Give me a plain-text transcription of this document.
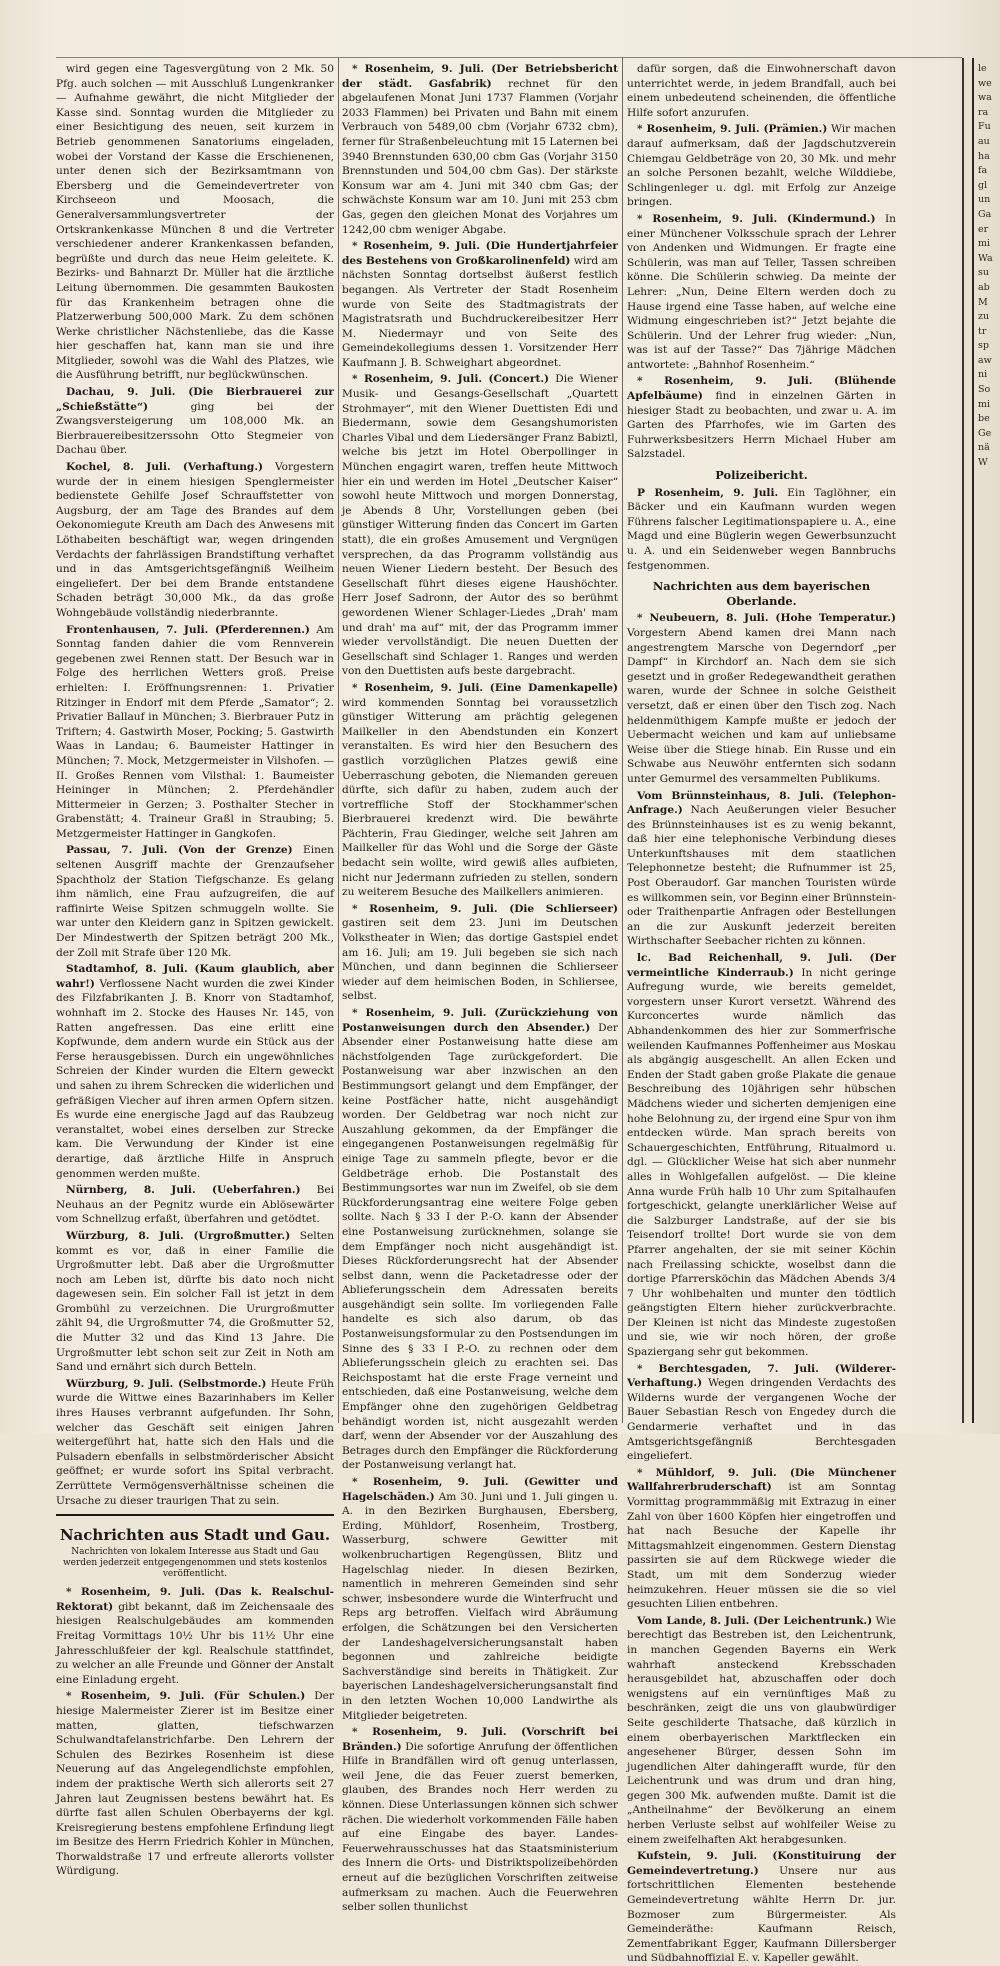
wird gegen eine Tagesvergütung von 2 Mk. 50 Pfg. auch solchen — mit Ausschluß Lungenkranker — Aufnahme gewährt, die nicht Mitglieder der Kasse sind. Sonntag wurden die Mitglieder zu einer Besichtigung des neuen, seit kurzem in Betrieb genommenen Sanatoriums eingeladen, wobei der Vorstand der Kasse die Erschienenen, unter denen sich der Bezirksamtmann von Ebersberg und die Gemeindevertreter von Kirchseeon und Moosach, die Generalversammlungsvertreter der Ortskrankenkasse München 8 und die Vertreter verschiedener anderer Krankenkassen befanden, begrüßte und durch das neue Heim geleitete. K. Bezirks- und Bahnarzt Dr. Müller hat die ärztliche Leitung übernommen. Die gesammten Baukosten für das Krankenheim betragen ohne die Platzerwerbung 500,000 Mark. Zu dem schönen Werke christlicher Nächstenliebe, das die Kasse hier geschaffen hat, kann man sie und ihre Mitglieder, sowohl was die Wahl des Platzes, wie die Ausführung betrifft, nur beglückwünschen.

Dachau, 9. Juli. (Die Bierbrauerei zur „Schießstätte“)	ging bei der Zwangsversteigerung um 108,000 Mk. an Bierbrauereibesitzerssohn Otto Stegmeier von Dachau über.

Kochel, 8. Juli. (Verhaftung.) Vorgestern wurde der in einem hiesigen Spenglermeister bedienstete Gehilfe Josef Schrauffstetter von Augsburg, der am Tage des Brandes auf dem Oekonomiegute Kreuth am Dach des Anwesens mit Löthabeiten beschäftigt war, wegen dringenden Verdachts der fahrlässigen Brandstiftung verhaftet und in das Amtsgerichtsgefängniß Weilheim eingeliefert. Der bei dem Brande entstandene Schaden beträgt 30,000 Mk., da das große Wohngebäude vollständig niederbrannte.

Frontenhausen, 7. Juli. (Pferderennen.) Am Sonntag fanden dahier die vom Rennverein gegebenen zwei Rennen statt. Der Besuch war in Folge des herrlichen Wetters groß. Preise erhielten: I. Eröffnungsrennen: 1. Privatier Ritzinger in Endorf mit dem Pferde „Samator“; 2. Privatier Ballauf in München; 3. Bierbrauer Putz in Triftern; 4. Gastwirth Moser, Pocking; 5. Gastwirth Waas in Landau; 6. Baumeister Hattinger in München; 7. Mock, Metzgermeister in Vilshofen. — II. Großes Rennen vom Vilsthal: 1. Baumeister Heininger in München; 2. Pferdehändler Mittermeier in Gerzen; 3. Posthalter Stecher in Grabenstätt; 4. Traineur Graßl in Straubing; 5. Metzgermeister Hattinger in Gangkofen.

Passau, 7. Juli. (Von der Grenze) Einen seltenen Ausgriff machte der Grenzaufseher Spachtholz der Station Tiefgschanze. Es gelang ihm nämlich, eine Frau aufzugreifen, die auf raffinirte Weise Spitzen schmuggeln wollte. Sie war unter den Kleidern ganz in Spitzen gewickelt. Der Mindestwerth der Spitzen beträgt 200 Mk., der Zoll mit Strafe über 120 Mk.

Stadtamhof, 8. Juli. (Kaum glaublich, aber wahr!) Verflossene Nacht wurden die zwei Kinder des Filzfabrikanten J. B. Knorr von Stadtamhof, wohnhaft im 2. Stocke des Hauses Nr. 145, von Ratten angefressen. Das eine erlitt eine Kopfwunde, dem andern wurde ein Stück aus der Ferse herausgebissen. Durch ein ungewöhnliches Schreien der Kinder wurden die Eltern geweckt und sahen zu ihrem Schrecken die widerlichen und gefräßigen Viecher auf ihren armen Opfern sitzen. Es wurde eine energische Jagd auf das Raubzeug veranstaltet, wobei eines derselben zur Strecke kam. Die Verwundung der Kinder ist eine derartige, daß ärztliche Hilfe in Anspruch genommen werden mußte.

Nürnberg, 8. Juli. (Ueberfahren.) Bei Neuhaus an der Pegnitz wurde ein Ablösewärter vom Schnellzug erfaßt, überfahren und getödtet.

Würzburg, 8. Juli. (Urgroßmutter.) Selten kommt es vor, daß in einer Familie die Urgroßmutter lebt. Daß aber die Urgroßmutter noch am Leben ist, dürfte bis dato noch nicht dagewesen sein. Ein solcher Fall ist jetzt in dem Grombühl zu verzeichnen. Die Ururgroßmutter zählt 94, die Urgroßmutter 74, die Großmutter 52, die Mutter 32 und das Kind 13 Jahre. Die Urgroßmutter lebt schon seit zur Zeit in Noth am Sand und ernährt sich durch Betteln.

Würzburg, 9. Juli. (Selbstmorde.) Heute Früh wurde die Wittwe eines Bazarinhabers im Keller ihres Hauses verbrannt aufgefunden. Ihr Sohn, welcher das Geschäft seit einigen Jahren weitergeführt hat, hatte sich den Hals und die Pulsadern ebenfalls in selbstmörderischer Absicht geöffnet; er wurde sofort ins Spital verbracht. Zerrüttete Vermögensverhältnisse scheinen die Ursache zu dieser traurigen That zu sein.

Nachrichten aus Stadt und Gau.
Nachrichten von lokalem Interesse aus Stadt und Gau werden jederzeit entgegengenommen und stets kostenlos veröffentlicht.

* Rosenheim, 9. Juli. (Das k. Realschul-Rektorat) gibt bekannt, daß im Zeichensaale des hiesigen Realschulgebäudes am kommenden Freitag Vormittags 10½ Uhr bis 11½ Uhr eine Jahresschlußfeier der kgl. Realschule stattfindet, zu welcher an alle Freunde und Gönner der Anstalt eine Einladung ergeht.

* Rosenheim, 9. Juli. (Für Schulen.) Der hiesige Malermeister Zierer ist im Besitze einer matten, glatten, tiefschwarzen Schulwandtafelanstrichfarbe. Den Lehrern der Schulen des Bezirkes Rosenheim ist diese Neuerung auf das Angelegendlichste empfohlen, indem der praktische Werth sich allerorts seit 27 Jahren laut Zeugnissen bestens bewährt hat. Es dürfte fast allen Schulen Oberbayerns der kgl. Kreisregierung bestens empfohlene Erfindung liegt im Besitze des Herrn Friedrich Kohler in München, Thorwaldstraße 17 und erfreute allerorts vollster Würdigung.

* Rosenheim, 9. Juli. (Der Betriebsbericht der städt. Gasfabrik) rechnet für den abgelaufenen Monat Juni 1737 Flammen (Vorjahr 2033 Flammen) bei Privaten und Bahn mit einem Verbrauch von 5489,00 cbm (Vorjahr 6732 cbm), ferner für Straßenbeleuchtung mit 15 Laternen bei 3940 Brennstunden 630,00 cbm Gas (Vorjahr 3150 Brennstunden und 504,00 cbm Gas). Der stärkste Konsum war am 4. Juni mit 340 cbm Gas; der schwächste Konsum war am 10. Juni mit 253 cbm Gas, gegen den gleichen Monat des Vorjahres um 1242,00 cbm weniger Abgabe.

* Rosenheim, 9. Juli. (Die Hundertjahrfeier des Bestehens von Großkarolinenfeld) wird am nächsten Sonntag dortselbst äußerst festlich begangen. Als Vertreter der Stadt Rosenheim wurde von Seite des Stadtmagistrats der Magistratsrath und Buchdruckereibesitzer Herr M. Niedermayr und von Seite des Gemeindekollegiums dessen 1. Vorsitzender Herr Kaufmann J. B. Schweighart abgeordnet.

* Rosenheim, 9. Juli. (Concert.) Die Wiener Musik- und Gesangs-Gesellschaft „Quartett Strohmayer“, mit den Wiener Duettisten Edi und Biedermann, sowie dem Gesangshumoristen Charles Vibal und dem Liedersänger Franz Babiztl, welche bis jetzt im Hotel Oberpollinger in München engagirt waren, treffen heute Mittwoch hier ein und werden im Hotel „Deutscher Kaiser“ sowohl heute Mittwoch und morgen Donnerstag, je Abends 8 Uhr, Vorstellungen geben (bei günstiger Witterung finden das Concert im Garten statt), die ein großes Amusement und Vergnügen versprechen, da das Programm vollständig aus neuen Wiener Liedern besteht. Der Besuch des Gesellschaft führt dieses eigene Haushöchter. Herr Josef Sadronn, der Autor des so berühmt gewordenen Wiener Schlager-Liedes „Drah' mam und drah' ma auf“ mit, der das Programm immer wieder vervollständigt. Die neuen Duetten der Gesellschaft sind Schlager 1. Ranges und werden von den Duettisten aufs beste dargebracht.

* Rosenheim, 9. Juli. (Eine Damenkapelle) wird kommenden Sonntag bei voraussetzlich günstiger Witterung am prächtig gelegenen Mailkeller in den Abendstunden ein Konzert veranstalten. Es wird hier den Besuchern des gastlich vorzüglichen Platzes gewiß eine Ueberraschung geboten, die Niemanden gereuen dürfte, sich dafür zu haben, zudem auch der vortreffliche Stoff der Stockhammer'schen Bierbrauerei kredenzt wird. Die bewährte Pächterin, Frau Giedinger, welche seit Jahren am Mailkeller für das Wohl und die Sorge der Gäste bedacht sein wollte, wird gewiß alles aufbieten, nicht nur Jedermann zufrieden zu stellen, sondern zu weiterem Besuche des Mailkellers animieren.

* Rosenheim, 9. Juli. (Die Schlierseer) gastiren seit dem 23. Juni im Deutschen Volkstheater in Wien; das dortige Gastspiel endet am 16. Juli; am 19. Juli begeben sie sich nach München, und dann beginnen die Schlierseer wieder auf dem heimischen Boden, in Schliersee, selbst.

* Rosenheim, 9. Juli. (Zurückziehung von Postanweisungen durch den Absender.) Der Absender einer Postanweisung hatte diese am nächstfolgenden Tage zurückgefordert. Die Postanweisung war aber inzwischen an den Bestimmungsort gelangt und dem Empfänger, der keine Postfächer hatte, nicht ausgehändigt worden. Der Geldbetrag war noch nicht zur Auszahlung gekommen, da der Empfänger die eingegangenen Postanweisungen regelmäßig für einige Tage zu sammeln pflegte, bevor er die Geldbeträge erhob. Die Postanstalt des Bestimmungsortes war nun im Zweifel, ob sie dem Rückforderungsantrag eine weitere Folge geben sollte. Nach § 33 I der P.-O. kann der Absender eine Postanweisung zurücknehmen, solange sie dem Empfänger noch nicht ausgehändigt ist. Dieses Rückforderungsrecht hat der Absender selbst dann, wenn die Packetadresse oder der Ablieferungsschein dem Adressaten bereits ausgehändigt sein sollte. Im vorliegenden Falle handelte es sich also darum, ob das Postanweisungsformular zu den Postsendungen im Sinne des § 33 I P.-O. zu rechnen oder dem Ablieferungsschein gleich zu erachten sei. Das Reichspostamt hat die erste Frage verneint und entschieden, daß eine Postanweisung, welche dem Empfänger ohne den zugehörigen Geldbetrag behändigt worden ist, nicht ausgezahlt werden darf, wenn der Absender vor der Auszahlung des Betrages durch den Empfänger die Rückforderung der Postanweisung verlangt hat.

* Rosenheim, 9. Juli. (Gewitter und Hagelschäden.) Am 30. Juni und 1. Juli gingen u. A. in den Bezirken Burghausen, Ebersberg, Erding, Mühldorf, Rosenheim, Trostberg, Wasserburg, schwere Gewitter mit wolkenbruchartigen Regengüssen, Blitz und Hagelschlag nieder. In diesen Bezirken, namentlich in mehreren Gemeinden sind sehr schwer, insbesondere wurde die Winterfrucht und Reps arg betroffen. Vielfach wird Abräumung erfolgen, die Schätzungen bei den Versicherten der Landeshagelversicherungsanstalt haben begonnen und zahlreiche beidigte Sachverständige sind bereits in Thätigkeit. Zur bayerischen Landeshagelversicherungsanstalt find in den letzten Wochen 10,000 Landwirthe als Mitglieder beigetreten.

* Rosenheim, 9. Juli. (Vorschrift bei Bränden.) Die sofortige Anrufung der öffentlichen Hilfe in Brandfällen wird oft genug unterlassen, weil Jene, die das Feuer zuerst bemerken, glauben, des Brandes noch Herr werden zu können. Diese Unterlassungen können sich schwer rächen. Die wiederholt vorkommenden Fälle haben auf eine Eingabe des bayer. Landes-Feuerwehrausschusses hat das Staatsministerium des Innern die Orts- und Distriktspolizeibehörden erneut auf die bezüglichen Vorschriften zeitweise aufmerksam zu machen. Auch die Feuerwehren selber sollen thunlichst

dafür sorgen, daß die Einwohnerschaft davon unterrichtet werde, in jedem Brandfall, auch bei einem unbedeutend scheinenden, die öffentliche Hilfe sofort anzurufen.

* Rosenheim, 9. Juli. (Prämien.) Wir machen darauf aufmerksam, daß der Jagdschutzverein Chiemgau Geldbeträge von 20, 30 Mk. und mehr an solche Personen bezahlt, welche Wilddiebe, Schlingenleger u. dgl. mit Erfolg zur Anzeige bringen.

* Rosenheim, 9. Juli. (Kindermund.) In einer Münchener Volksschule sprach der Lehrer von Andenken und Widmungen. Er fragte eine Schülerin, was man auf Teller, Tassen schreiben könne. Die Schülerin schwieg. Da meinte der Lehrer: „Nun, Deine Eltern werden doch zu Hause irgend eine Tasse haben, auf welche eine Widmung eingeschrieben ist?“ Jetzt bejahte die Schülerin. Und der Lehrer frug wieder: „Nun, was ist auf der Tasse?“ Das 7jährige Mädchen antwortete: „Bahnhof Rosenheim.“

* Rosenheim, 9. Juli. (Blühende Apfelbäume) find in einzelnen Gärten in hiesiger Stadt zu beobachten, und zwar u. A. im Garten des Pfarrhofes, wie im Garten des Fuhrwerksbesitzers Herrn Michael Huber am Salzstadel.

Polizeibericht.

P Rosenheim, 9. Juli. Ein Taglöhner, ein Bäcker und ein Kaufmann wurden wegen Führens falscher Legitimationspapiere u. A., eine Magd und eine Büglerin wegen Gewerbsunzucht u. A. und ein Seidenweber wegen Bannbruchs festgenommen.

Nachrichten aus dem bayerischen Oberlande.

* Neubeuern, 8. Juli. (Hohe Temperatur.) Vorgestern Abend kamen drei Mann nach angestrengtem Marsche von Degerndorf „per Dampf“ in Kirchdorf an. Nach dem sie sich gesetzt und in großer Redegewandtheit gerathen waren, wurde der Schnee in solche Geistheit versetzt, daß er einen über den Tisch zog. Nach heldenmüthigem Kampfe mußte er jedoch der Uebermacht weichen und kam auf unliebsame Weise über die Stiege hinab. Ein Russe und ein Schwabe aus Neuwöhr entfernten sich sodann unter Gemurmel des versammelten Publikums.

Vom Brünnsteinhaus, 8. Juli. (Telephon-Anfrage.) Nach Aeußerungen vieler Besucher des Brünnsteinhauses ist es zu wenig bekannt, daß hier eine telephonische Verbindung dieses Unterkunftshauses mit dem staatlichen Telephonnetze besteht; die Rufnummer ist 25, Post Oberaudorf. Gar manchen Touristen würde es willkommen sein, vor Beginn einer Brünnstein- oder Traithenpartie Anfragen oder Bestellungen an die zur Auskunft jederzeit bereiten Wirthschafter Seebacher richten zu können.

lc. Bad Reichenhall, 9. Juli. (Der vermeintliche Kinderraub.) In nicht geringe Aufregung wurde, wie bereits gemeldet, vorgestern unser Kurort versetzt. Während des Kurconcertes wurde nämlich das Abhandenkommen des hier zur Sommerfrische weilenden Kaufmannes Poffenheimer aus Moskau als abgängig ausgeschellt. An allen Ecken und Enden der Stadt gaben große Plakate die genaue Beschreibung des 10jährigen sehr hübschen Mädchens wieder und sicherten demjenigen eine hohe Belohnung zu, der irgend eine Spur von ihm entdecken würde. Man sprach bereits von Schauergeschichten, Entführung, Ritualmord u. dgl. — Glücklicher Weise hat sich aber nunmehr alles in Wohlgefallen aufgelöst. — Die kleine Anna wurde Früh halb 10 Uhr zum Spitalhaufen fortgeschickt, gelangte unerklärlicher Weise auf die Salzburger Landstraße, auf der sie bis Teisendorf trollte! Dort wurde sie von dem Pfarrer angehalten, der sie mit seiner Köchin nach Freilassing schickte, woselbst dann die dortige Pfarrersköchin das Mädchen Abends 3/4 7 Uhr wohlbehalten und munter den tödtlich geängstigten Eltern hieher zurückverbrachte. Der Kleinen ist nicht das Mindeste zugestoßen und sie, wie wir noch hören, der große Spaziergang sehr gut bekommen.

* Berchtesgaden, 7. Juli. (Wilderer-Verhaftung.) Wegen dringenden Verdachts des Wilderns wurde der vergangenen Woche der Bauer Sebastian Resch von Engedey durch die Gendarmerie verhaftet und in das Amtsgerichtsgefängniß Berchtesgaden eingeliefert.

* Mühldorf, 9. Juli. (Die Münchener Wallfahrerbruderschaft) ist am Sonntag Vormittag programmmäßig mit Extrazug in einer Zahl von über 1600 Köpfen hier eingetroffen und hat nach Besuche der Kapelle ihr Mittagsmahlzeit eingenommen. Gestern Dienstag passirten sie auf dem Rückwege wieder die Stadt, um mit dem Sonderzug wieder heimzukehren. Heuer müssen sie die so viel gesuchten Lilien entbehren.

Vom Lande, 8. Juli. (Der Leichentrunk.) Wie berechtigt das Bestreben ist, den Leichentrunk, in manchen Gegenden Bayerns ein Werk wahrhaft ansteckend Krebsschaden herausgebildet hat, abzuschaffen oder doch wenigstens auf ein vernünftiges Maß zu beschränken, zeigt die uns von glaubwürdiger Seite geschilderte Thatsache, daß kürzlich in einem oberbayerischen Marktflecken ein angesehener Bürger, dessen Sohn im jugendlichen Alter dahingerafft wurde, für den Leichentrunk und was drum und dran hing, gegen 300 Mk. aufwenden mußte. Damit ist die „Antheilnahme“ der Bevölkerung an einem herben Verluste selbst auf wohlfeiler Weise zu einem zweifelhaften Akt herabgesunken.

Kufstein, 9. Juli. (Konstituirung der Gemeindevertretung.) Unsere nur aus fortschrittlichen Elementen bestehende Gemeindevertretung wählte Herrn Dr. jur. Bozmoser zum Bürgermeister. Als Gemeinderäthe: Kaufmann Reisch, Zementfabrikant Egger, Kaufmann Dillersberger und Südbahnoffizial E. v. Kapeller gewählt.

le
we
wa
ra
Fu
au
ha
fa
gl
un
Ga
er
mi
Wa
su
ab
M
zu
tr
sp
aw
ni
So
mi
be
Ge
nä
W
